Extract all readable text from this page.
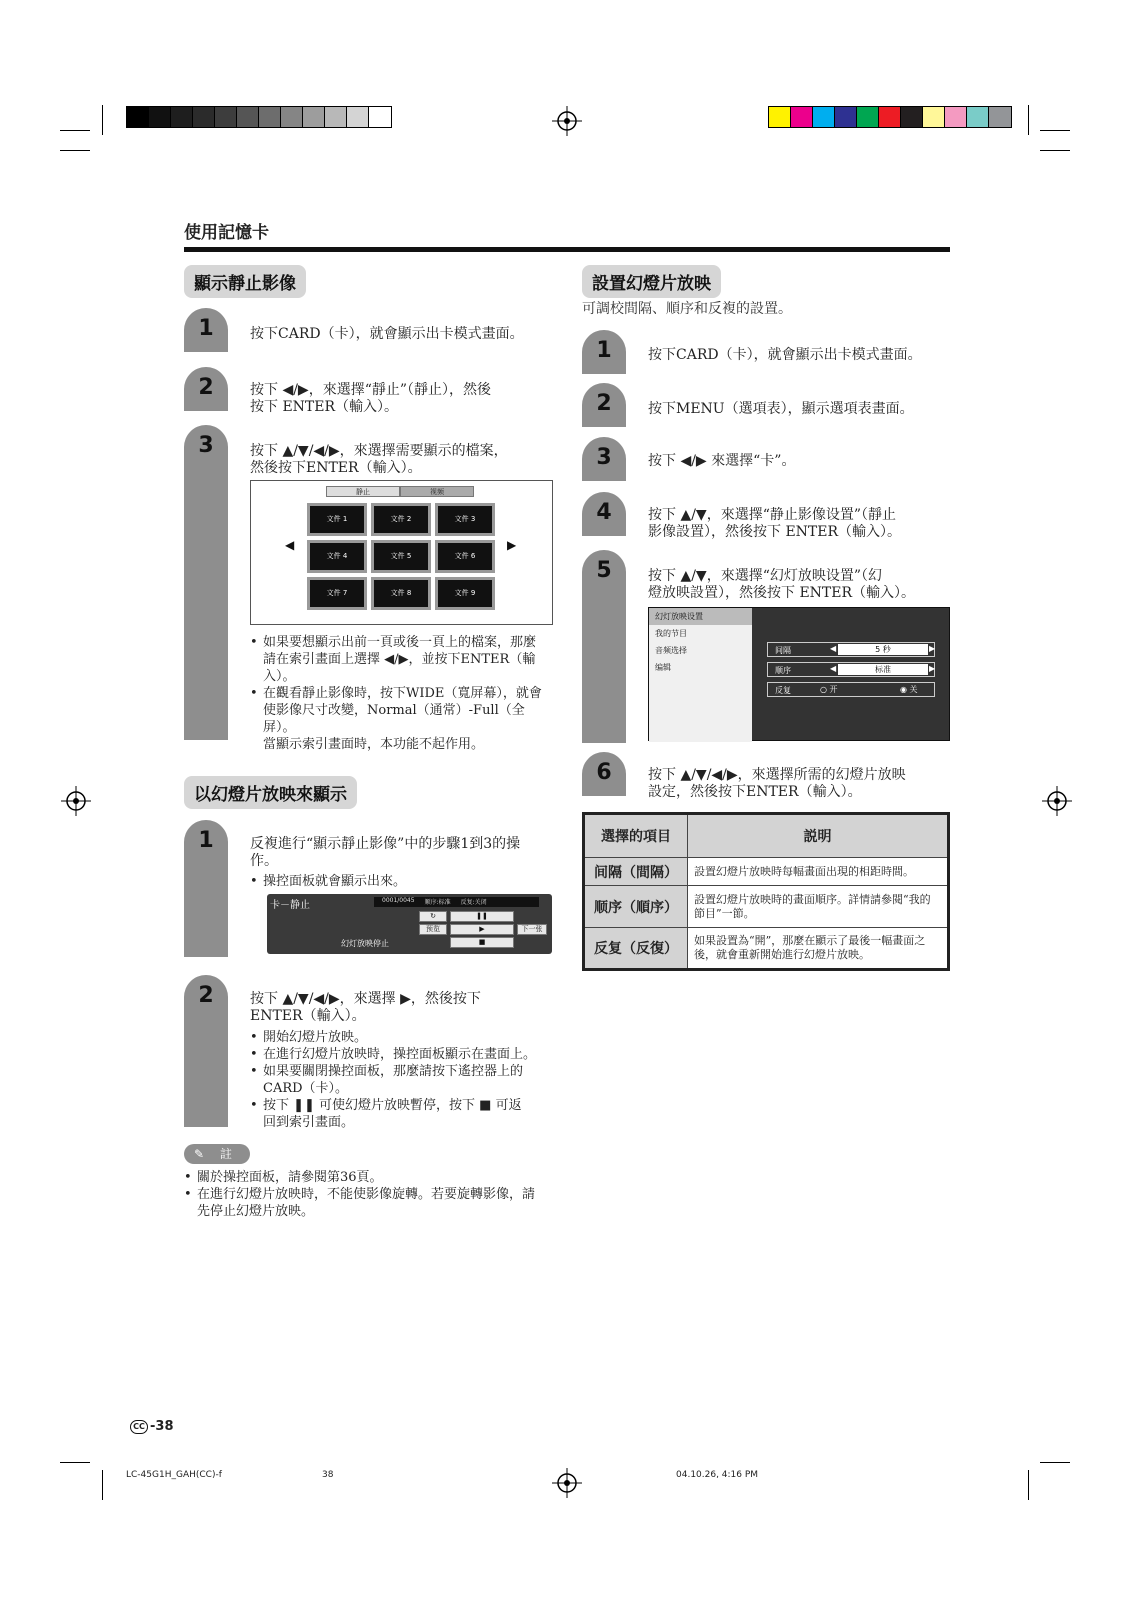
使用記憶卡
顯示靜止影像
1	按下CARD（卡），就會顯示出卡模式畫面。
2	按下 ◀/▶，來選擇“靜止”（靜止），然後
按下 ENTER（輸入）。
3	按下 ▲/▼/◀/▶，來選擇需要顯示的檔案，
然後按下ENTER（輸入）。
静止	视频
◀	▶
文件 1	文件 2	文件 3
文件 4	文件 5	文件 6
文件 7	文件 8	文件 9
• 如果要想顯示出前一頁或後一頁上的檔案，那麼
請在索引畫面上選擇 ◀/▶，並按下ENTER（輸
入）。
• 在觀看靜止影像時，按下WIDE（寬屏幕），就會
使影像尺寸改變，Normal（通常）-Full（全
屏）。
當顯示索引畫面時，本功能不起作用。
以幻燈片放映來顯示
1	反複進行“顯示靜止影像”中的步驟1到3的操
作。
• 操控面板就會顯示出來。
卡－静止	0001/0045 顺序:标准 反复:关闭
↻	❚❚
预览	▶	下一张
■
幻灯放映停止
2	按下 ▲/▼/◀/▶，來選擇 ▶，然後按下
ENTER（輸入）。
• 開始幻燈片放映。
• 在進行幻燈片放映時，操控面板顯示在畫面上。
• 如果要關閉操控面板，那麼請按下遙控器上的
CARD（卡）。
• 按下 ❚❚ 可使幻燈片放映暫停，按下 ■ 可返
回到索引畫面。
✎ 註
• 關於操控面板，請參閱第36頁。
• 在進行幻燈片放映時，不能使影像旋轉。若要旋轉影像，請
先停止幻燈片放映。
設置幻燈片放映
可調校間隔、順序和反複的設置。
1	按下CARD（卡），就會顯示出卡模式畫面。
2	按下MENU（選項表），顯示選項表畫面。
3	按下 ◀/▶ 來選擇“卡”。
4	按下 ▲/▼，來選擇“静止影像设置”（靜止
影像設置），然後按下 ENTER（輸入）。
5	按下 ▲/▼，來選擇“幻灯放映设置”（幻
燈放映設置），然後按下 ENTER（輸入）。
幻灯放映设置
我的节目
音频选择
编辑
间隔	◀	5 秒	▶
顺序	◀	标准	▶
反复	○ 开	◉ 关
6	按下 ▲/▼/◀/▶，來選擇所需的幻燈片放映
設定，然後按下ENTER（輸入）。
選擇的項目	説明
间隔（間隔）	設置幻燈片放映時每幅畫面出現的相距時間。
顺序（順序）	設置幻燈片放映時的畫面順序。詳情請參閱“我的節目”一節。
反复（反復）	如果設置為“開”，那麼在顯示了最後一幅畫面之後，就會重新開始進行幻燈片放映。
CC -38
LC-45G1H_GAH(CC)-f	38	04.10.26, 4:16 PM
